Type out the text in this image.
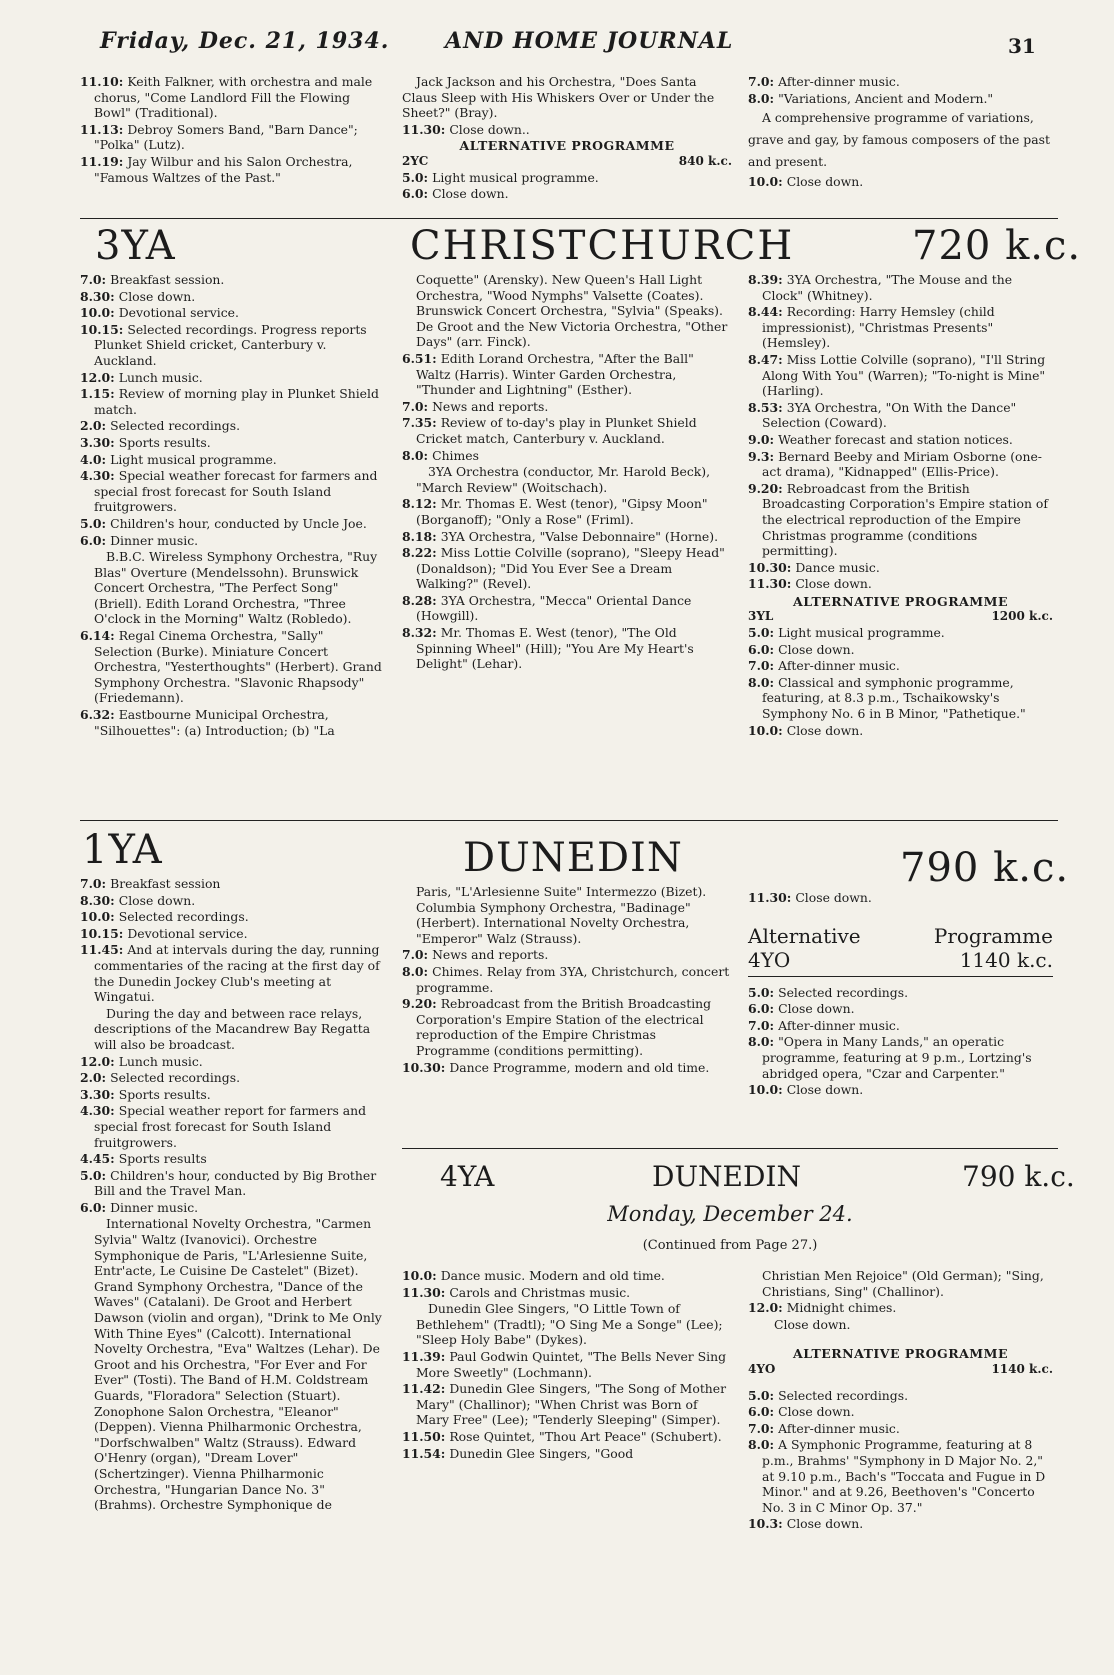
Friday, Dec. 21, 1934.	AND HOME JOURNAL	31

11.10: Keith Falkner, with orchestra and male chorus, "Come Landlord Fill the Flowing Bowl" (Traditional).

11.13: Debroy Somers Band, "Barn Dance"; "Polka" (Lutz).

11.19: Jay Wilbur and his Salon Orchestra, "Famous Waltzes of the Past."

Jack Jackson and his Orchestra, "Does Santa Claus Sleep with His Whiskers Over or Under the Sheet?" (Bray).

11.30: Close down..

ALTERNATIVE PROGRAMME
2YC	840 k.c.

5.0: Light musical programme.

6.0: Close down.

7.0: After-dinner music.

8.0: "Variations, Ancient and Modern."

A comprehensive programme of variations, grave and gay, by famous composers of the past and present.

10.0: Close down.

3YA	CHRISTCHURCH	720 k.c.

7.0: Breakfast session.

8.30: Close down.

10.0: Devotional service.

10.15: Selected recordings. Progress reports Plunket Shield cricket, Canterbury v. Auckland.

12.0: Lunch music.

1.15: Review of morning play in Plunket Shield match.

2.0: Selected recordings.

3.30: Sports results.

4.0: Light musical programme.

4.30: Special weather forecast for farmers and special frost forecast for South Island fruitgrowers.

5.0: Children's hour, conducted by Uncle Joe.

6.0: Dinner music.

B.B.C. Wireless Symphony Orchestra, "Ruy Blas" Overture (Mendelssohn). Brunswick Concert Orchestra, "The Perfect Song" (Briell). Edith Lorand Orchestra, "Three O'clock in the Morning" Waltz (Robledo).

6.14: Regal Cinema Orchestra, "Sally" Selection (Burke). Miniature Concert Orchestra, "Yesterthoughts" (Herbert). Grand Symphony Orchestra. "Slavonic Rhapsody" (Friedemann).

6.32: Eastbourne Municipal Orchestra, "Silhouettes": (a) Introduction; (b) "La

Coquette" (Arensky). New Queen's Hall Light Orchestra, "Wood Nymphs" Valsette (Coates). Brunswick Concert Orchestra, "Sylvia" (Speaks). De Groot and the New Victoria Orchestra, "Other Days" (arr. Finck).

6.51: Edith Lorand Orchestra, "After the Ball" Waltz (Harris). Winter Garden Orchestra, "Thunder and Lightning" (Esther).

7.0: News and reports.

7.35: Review of to-day's play in Plunket Shield Cricket match, Canterbury v. Auckland.

8.0: Chimes

3YA Orchestra (conductor, Mr. Harold Beck), "March Review" (Woitschach).

8.12: Mr. Thomas E. West (tenor), "Gipsy Moon" (Borganoff); "Only a Rose" (Friml).

8.18: 3YA Orchestra, "Valse Debonnaire" (Horne).

8.22: Miss Lottie Colville (soprano), "Sleepy Head" (Donaldson); "Did You Ever See a Dream Walking?" (Revel).

8.28: 3YA Orchestra, "Mecca" Oriental Dance (Howgill).

8.32: Mr. Thomas E. West (tenor), "The Old Spinning Wheel" (Hill); "You Are My Heart's Delight" (Lehar).

8.39: 3YA Orchestra, "The Mouse and the Clock" (Whitney).

8.44: Recording: Harry Hemsley (child impressionist), "Christmas Presents" (Hemsley).

8.47: Miss Lottie Colville (soprano), "I'll String Along With You" (Warren); "To-night is Mine" (Harling).

8.53: 3YA Orchestra, "On With the Dance" Selection (Coward).

9.0: Weather forecast and station notices.

9.3: Bernard Beeby and Miriam Osborne (one-act drama), "Kidnapped" (Ellis-Price).

9.20: Rebroadcast from the British Broadcasting Corporation's Empire station of the electrical reproduction of the Empire Christmas programme (conditions permitting).

10.30: Dance music.

11.30: Close down.

ALTERNATIVE PROGRAMME
3YL	1200 k.c.

5.0: Light musical programme.

6.0: Close down.

7.0: After-dinner music.

8.0: Classical and symphonic programme, featuring, at 8.3 p.m., Tschaikowsky's Symphony No. 6 in B Minor, "Pathetique."

10.0: Close down.

1YA	DUNEDIN	790 k.c.

7.0: Breakfast session

8.30: Close down.

10.0: Selected recordings.

10.15: Devotional service.

11.45: And at intervals during the day, running commentaries of the racing at the first day of the Dunedin Jockey Club's meeting at Wingatui.

During the day and between race relays, descriptions of the Macandrew Bay Regatta will also be broadcast.

12.0: Lunch music.

2.0: Selected recordings.

3.30: Sports results.

4.30: Special weather report for farmers and special frost forecast for South Island fruitgrowers.

4.45: Sports results

5.0: Children's hour, conducted by Big Brother Bill and the Travel Man.

6.0: Dinner music.

International Novelty Orchestra, "Carmen Sylvia" Waltz (Ivanovici). Orchestre Symphonique de Paris, "L'Arlesienne Suite, Entr'acte, Le Cuisine De Castelet" (Bizet). Grand Symphony Orchestra, "Dance of the Waves" (Catalani). De Groot and Herbert Dawson (violin and organ), "Drink to Me Only With Thine Eyes" (Calcott). International Novelty Orchestra, "Eva" Waltzes (Lehar). De Groot and his Orchestra, "For Ever and For Ever" (Tosti). The Band of H.M. Coldstream Guards, "Floradora" Selection (Stuart). Zonophone Salon Orchestra, "Eleanor" (Deppen). Vienna Philharmonic Orchestra, "Dorfschwalben" Waltz (Strauss). Edward O'Henry (organ), "Dream Lover" (Schertzinger). Vienna Philharmonic Orchestra, "Hungarian Dance No. 3" (Brahms). Orchestre Symphonique de

Paris, "L'Arlesienne Suite" Intermezzo (Bizet). Columbia Symphony Orchestra, "Badinage" (Herbert). International Novelty Orchestra, "Emperor" Walz (Strauss).

7.0: News and reports.

8.0: Chimes. Relay from 3YA, Christchurch, concert programme.

9.20: Rebroadcast from the British Broadcasting Corporation's Empire Station of the electrical reproduction of the Empire Christmas Programme (conditions permitting).

10.30: Dance Programme, modern and old time.

11.30: Close down.

Alternative	Programme
4YO	1140 k.c.

5.0: Selected recordings.

6.0: Close down.

7.0: After-dinner music.

8.0: "Opera in Many Lands," an operatic programme, featuring at 9 p.m., Lortzing's abridged opera, "Czar and Carpenter."

10.0: Close down.

4YA	DUNEDIN	790 k.c.
Monday, December 24.
(Continued from Page 27.)

10.0: Dance music. Modern and old time.

11.30: Carols and Christmas music.

Dunedin Glee Singers, "O Little Town of Bethlehem" (Tradtl); "O Sing Me a Songe" (Lee); "Sleep Holy Babe" (Dykes).

11.39: Paul Godwin Quintet, "The Bells Never Sing More Sweetly" (Lochmann).

11.42: Dunedin Glee Singers, "The Song of Mother Mary" (Challinor); "When Christ was Born of Mary Free" (Lee); "Tenderly Sleeping" (Simper).

11.50: Rose Quintet, "Thou Art Peace" (Schubert).

11.54: Dunedin Glee Singers, "Good

Christian Men Rejoice" (Old German); "Sing, Christians, Sing" (Challinor).

12.0: Midnight chimes.

Close down.

ALTERNATIVE PROGRAMME
4YO	1140 k.c.

5.0: Selected recordings.

6.0: Close down.

7.0: After-dinner music.

8.0: A Symphonic Programme, featuring at 8 p.m., Brahms' "Symphony in D Major No. 2," at 9.10 p.m., Bach's "Toccata and Fugue in D Minor." and at 9.26, Beethoven's "Concerto No. 3 in C Minor Op. 37."

10.3: Close down.
